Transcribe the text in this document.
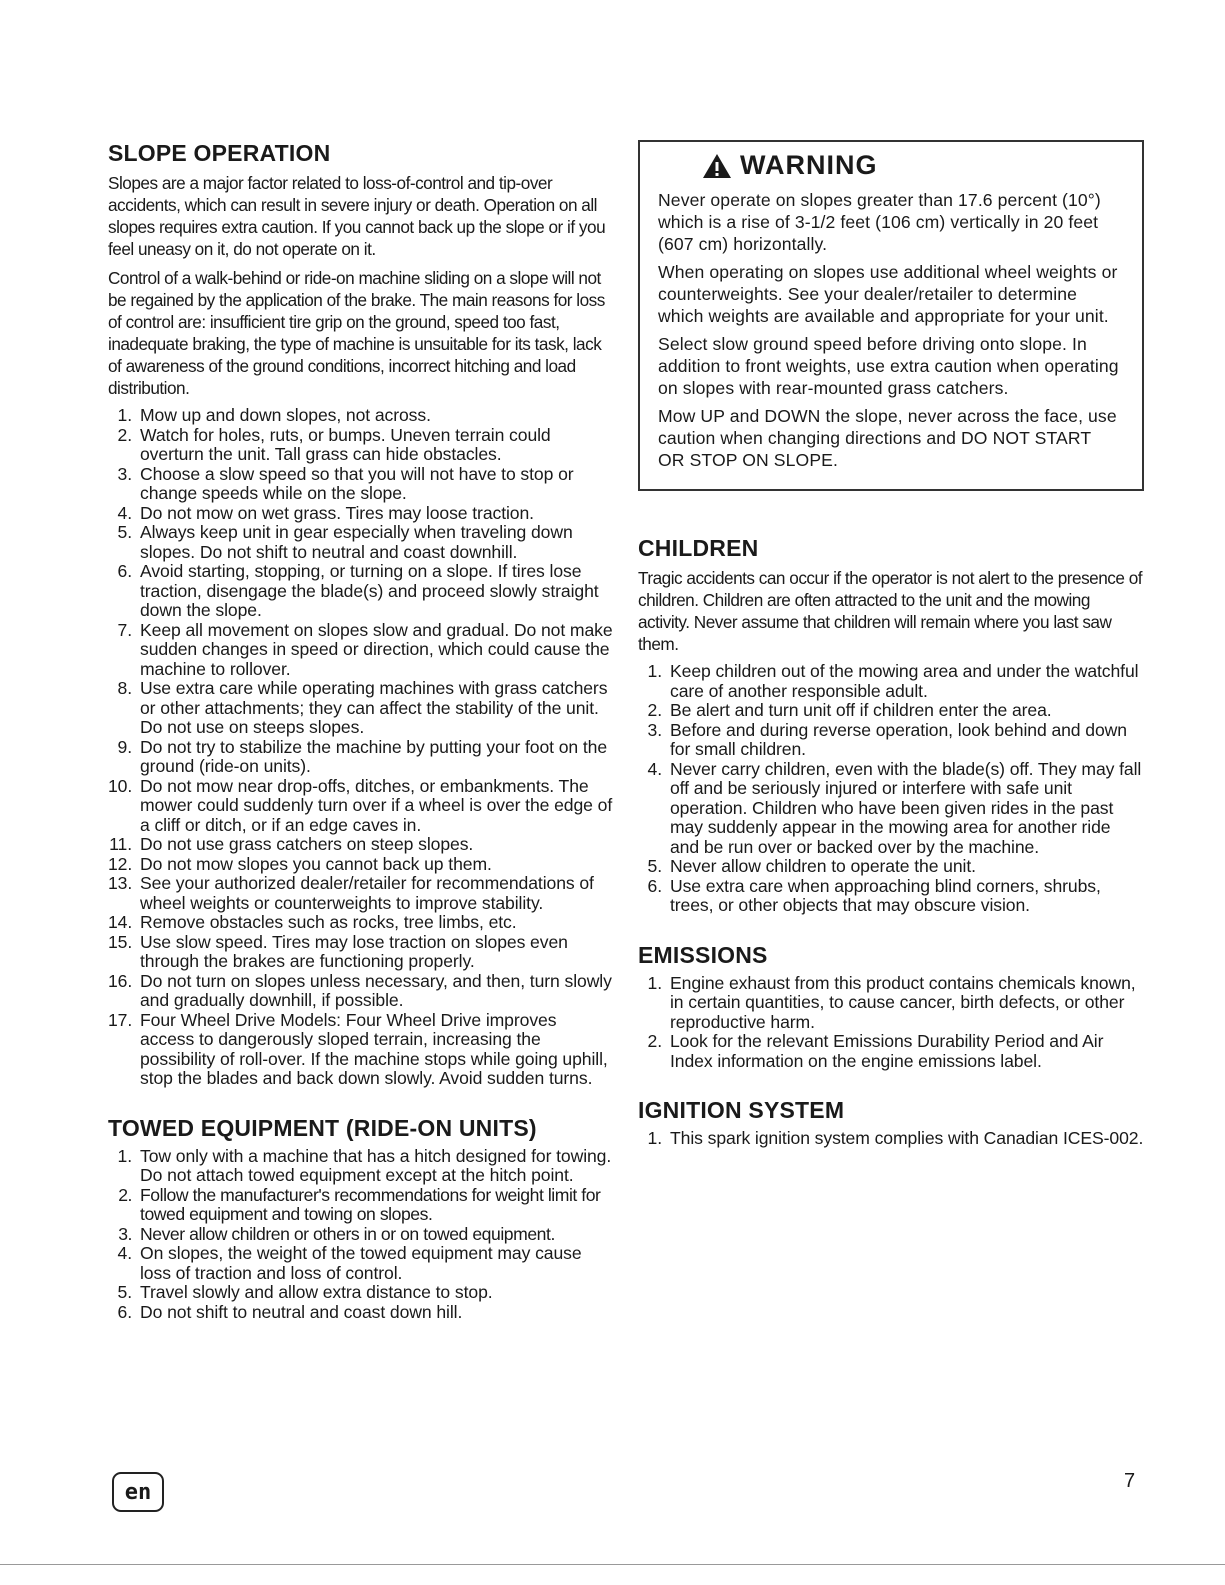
SLOPE OPERATION

Slopes are a major factor related to loss-of-control and tip-over accidents, which can result in severe injury or death. Operation on all slopes requires extra caution. If you cannot back up the slope or if you feel uneasy on it, do not operate on it.

Control of a walk-behind or ride-on machine sliding on a slope will not be regained by the application of the brake. The main reasons for loss of control are: insufficient tire grip on the ground, speed too fast, inadequate braking, the type of machine is unsuitable for its task, lack of awareness of the ground conditions, incorrect hitching and load distribution.

1. Mow up and down slopes, not across.
2. Watch for holes, ruts, or bumps. Uneven terrain could overturn the unit. Tall grass can hide obstacles.
3. Choose a slow speed so that you will not have to stop or change speeds while on the slope.
4. Do not mow on wet grass. Tires may loose traction.
5. Always keep unit in gear especially when traveling down slopes. Do not shift to neutral and coast downhill.
6. Avoid starting, stopping, or turning on a slope. If tires lose traction, disengage the blade(s) and proceed slowly straight down the slope.
7. Keep all movement on slopes slow and gradual. Do not make sudden changes in speed or direction, which could cause the machine to rollover.
8. Use extra care while operating machines with grass catchers or other attachments; they can affect the stability of the unit. Do not use on steeps slopes.
9. Do not try to stabilize the machine by putting your foot on the ground (ride-on units).
10. Do not mow near drop-offs, ditches, or embankments. The mower could suddenly turn over if a wheel is over the edge of a cliff or ditch, or if an edge caves in.
11. Do not use grass catchers on steep slopes.
12. Do not mow slopes you cannot back up them.
13. See your authorized dealer/retailer for recommendations of wheel weights or counterweights to improve stability.
14. Remove obstacles such as rocks, tree limbs, etc.
15. Use slow speed. Tires may lose traction on slopes even through the brakes are functioning properly.
16. Do not turn on slopes unless necessary, and then, turn slowly and gradually downhill, if possible.
17. Four Wheel Drive Models: Four Wheel Drive improves access to dangerously sloped terrain, increasing the possibility of roll-over. If the machine stops while going uphill, stop the blades and back down slowly. Avoid sudden turns.
TOWED EQUIPMENT (RIDE-ON UNITS)
1. Tow only with a machine that has a hitch designed for towing. Do not attach towed equipment except at the hitch point.
2. Follow the manufacturer's recommendations for weight limit for towed equipment and towing on slopes.
3. Never allow children or others in or on towed equipment.
4. On slopes, the weight of the towed equipment may cause loss of traction and loss of control.
5. Travel slowly and allow extra distance to stop.
6. Do not shift to neutral and coast down hill.
WARNING

Never operate on slopes greater than 17.6 percent (10°) which is a rise of 3-1/2 feet (106 cm) vertically in 20 feet (607 cm) horizontally.

When operating on slopes use additional wheel weights or counterweights. See your dealer/retailer to determine which weights are available and appropriate for your unit.

Select slow ground speed before driving onto slope. In addition to front weights, use extra caution when operating on slopes with rear-mounted grass catchers.

Mow UP and DOWN the slope, never across the face, use caution when changing directions and DO NOT START OR STOP ON SLOPE.

CHILDREN

Tragic accidents can occur if the operator is not alert to the presence of children. Children are often attracted to the unit and the mowing activity. Never assume that children will remain where you last saw them.

1. Keep children out of the mowing area and under the watchful care of another responsible adult.
2. Be alert and turn unit off if children enter the area.
3. Before and during reverse operation, look behind and down for small children.
4. Never carry children, even with the blade(s) off. They may fall off and be seriously injured or interfere with safe unit operation. Children who have been given rides in the past may suddenly appear in the mowing area for another ride and be run over or backed over by the machine.
5. Never allow children to operate the unit.
6. Use extra care when approaching blind corners, shrubs, trees, or other objects that may obscure vision.
EMISSIONS
1. Engine exhaust from this product contains chemicals known, in certain quantities, to cause cancer, birth defects, or other reproductive harm.
2. Look for the relevant Emissions Durability Period and Air Index information on the engine emissions label.
IGNITION SYSTEM
1. This spark ignition system complies with Canadian ICES-002.
en	7
